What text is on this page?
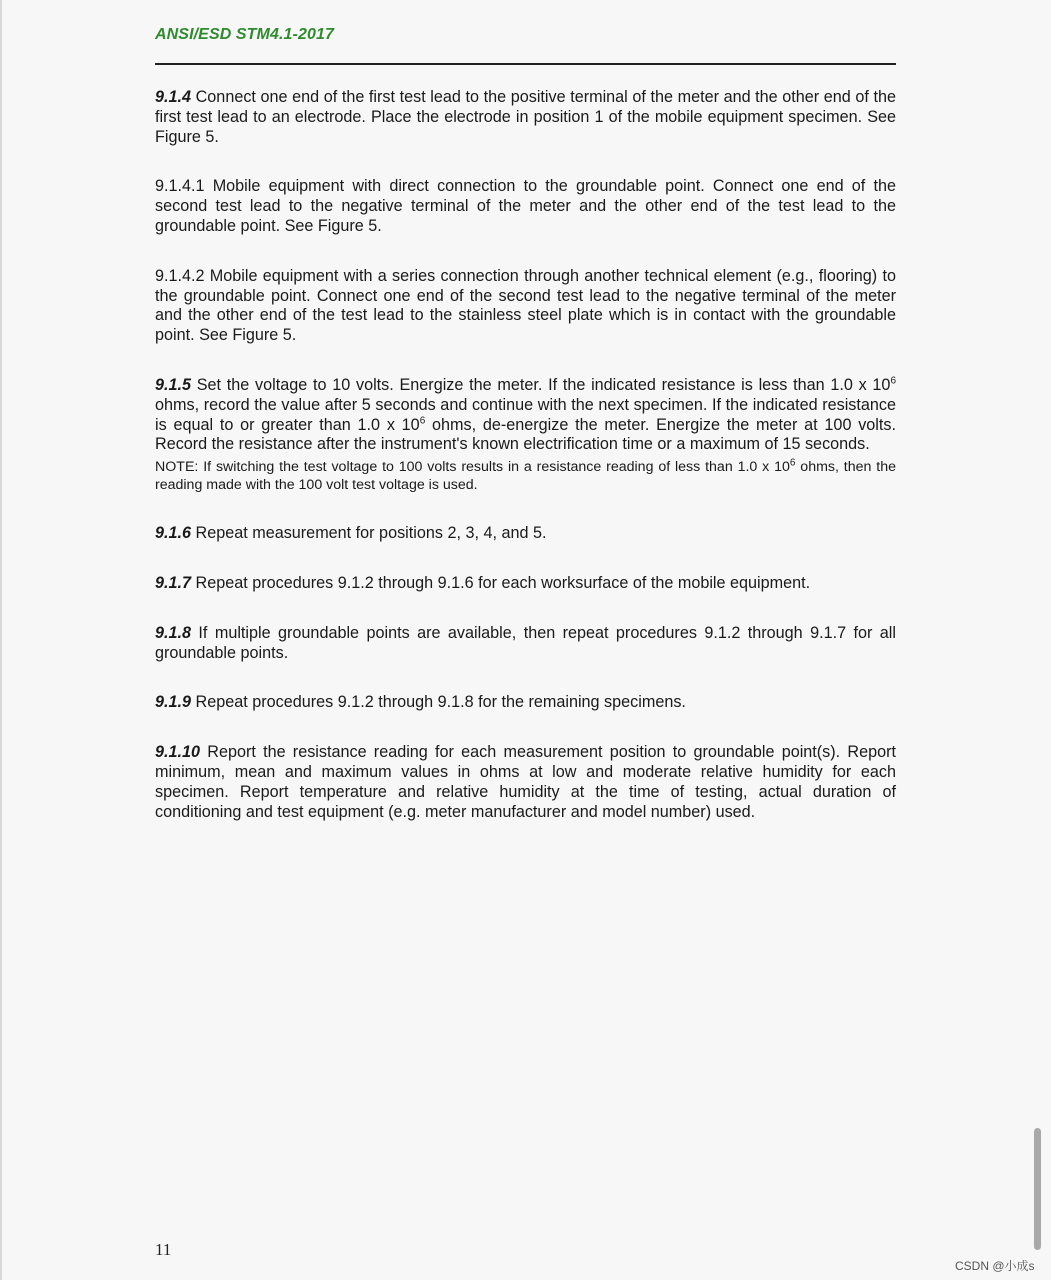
ANSI/ESD STM4.1-2017

9.1.4 Connect one end of the first test lead to the positive terminal of the meter and the other end of the first test lead to an electrode. Place the electrode in position 1 of the mobile equipment specimen. See Figure 5.

9.1.4.1 Mobile equipment with direct connection to the groundable point. Connect one end of the second test lead to the negative terminal of the meter and the other end of the test lead to the groundable point. See Figure 5.

9.1.4.2 Mobile equipment with a series connection through another technical element (e.g., flooring) to the groundable point. Connect one end of the second test lead to the negative terminal of the meter and the other end of the test lead to the stainless steel plate which is in contact with the groundable point. See Figure 5.

9.1.5 Set the voltage to 10 volts. Energize the meter. If the indicated resistance is less than 1.0 x $10^6$ ohms, record the value after 5 seconds and continue with the next specimen. If the indicated resistance is equal to or greater than 1.0 x $10^6$ ohms, de-energize the meter. Energize the meter at 100 volts. Record the resistance after the instrument's known electrification time or a maximum of 15 seconds.

NOTE: If switching the test voltage to 100 volts results in a resistance reading of less than 1.0 x $10^6$ ohms, then the reading made with the 100 volt test voltage is used.

9.1.6 Repeat measurement for positions 2, 3, 4, and 5.

9.1.7 Repeat procedures 9.1.2 through 9.1.6 for each worksurface of the mobile equipment.

9.1.8 If multiple groundable points are available, then repeat procedures 9.1.2 through 9.1.7 for all groundable points.

9.1.9 Repeat procedures 9.1.2 through 9.1.8 for the remaining specimens.

9.1.10 Report the resistance reading for each measurement position to groundable point(s). Report minimum, mean and maximum values in ohms at low and moderate relative humidity for each specimen. Report temperature and relative humidity at the time of testing, actual duration of conditioning and test equipment (e.g. meter manufacturer and model number) used.

11
CSDN @小成s
